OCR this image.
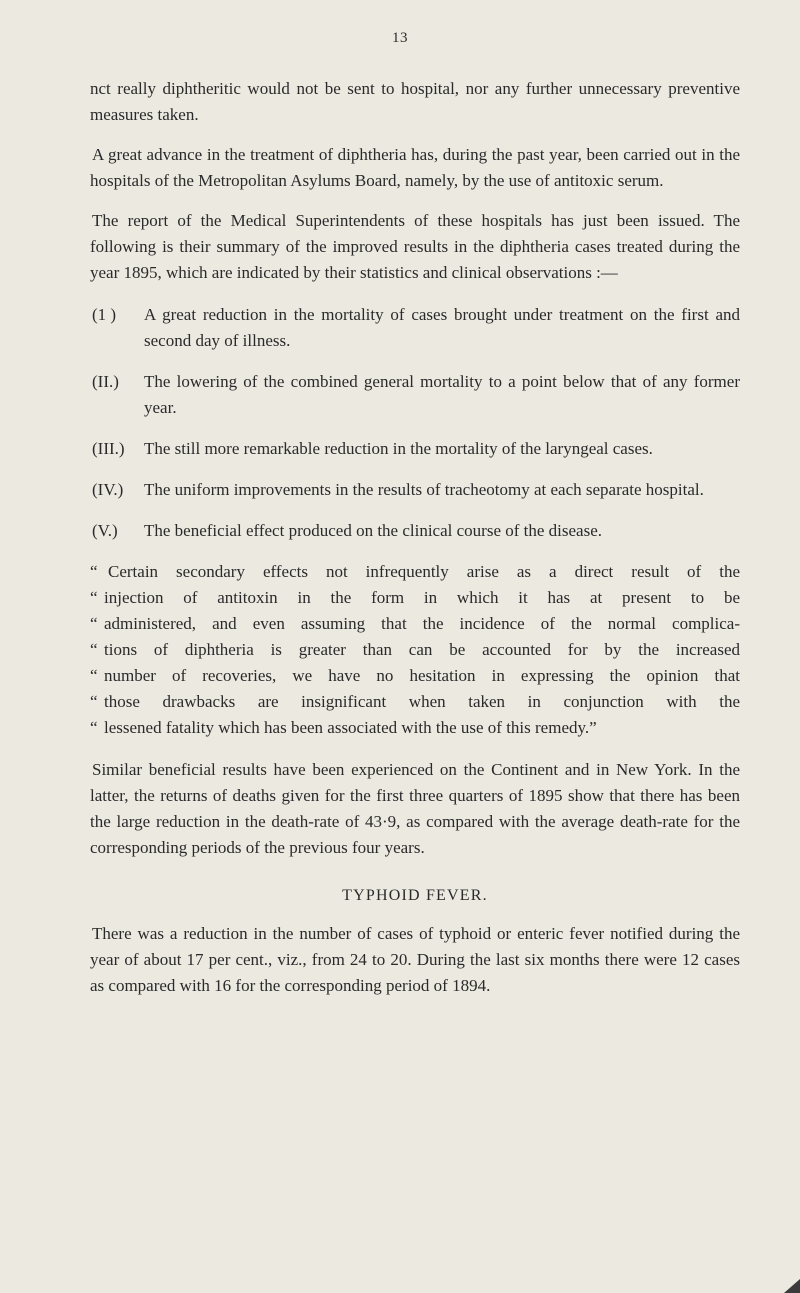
13

nct really diphtheritic would not be sent to hospital, nor any further unnecessary preventive measures taken.

A great advance in the treatment of diphtheria has, during the past year, been carried out in the hospitals of the Metropolitan Asylums Board, namely, by the use of antitoxic serum.

The report of the Medical Superintendents of these hospitals has just been issued. The following is their summary of the improved results in the diphtheria cases treated during the year 1895, which are indicated by their statistics and clinical observations :—

(1 )	A great reduction in the mortality of cases brought under treatment on the first and second day of illness.
(II.)	The lowering of the combined general mortality to a point below that of any former year.
(III.)	The still more remarkable reduction in the mortality of the laryngeal cases.
(IV.)	The uniform improvements in the results of tracheotomy at each separate hospital.
(V.)	The beneficial effect produced on the clinical course of the disease.
“ Certain secondary effects not infrequently arise as a direct result of the
“ injection of antitoxin in the form in which it has at present to be
“ administered, and even assuming that the incidence of the normal complica-
“ tions of diphtheria is greater than can be accounted for by the increased
“ number of recoveries, we have no hesitation in expressing the opinion that
“ those drawbacks are insignificant when taken in conjunction with the
“ lessened fatality which has been associated with the use of this remedy.”

Similar beneficial results have been experienced on the Continent and in New York. In the latter, the returns of deaths given for the first three quarters of 1895 show that there has been the large reduction in the death-rate of 43·9, as compared with the average death-rate for the corresponding periods of the previous four years.

TYPHOID FEVER.

There was a reduction in the number of cases of typhoid or enteric fever notified during the year of about 17 per cent., viz., from 24 to 20. During the last six months there were 12 cases as compared with 16 for the corresponding period of 1894.
